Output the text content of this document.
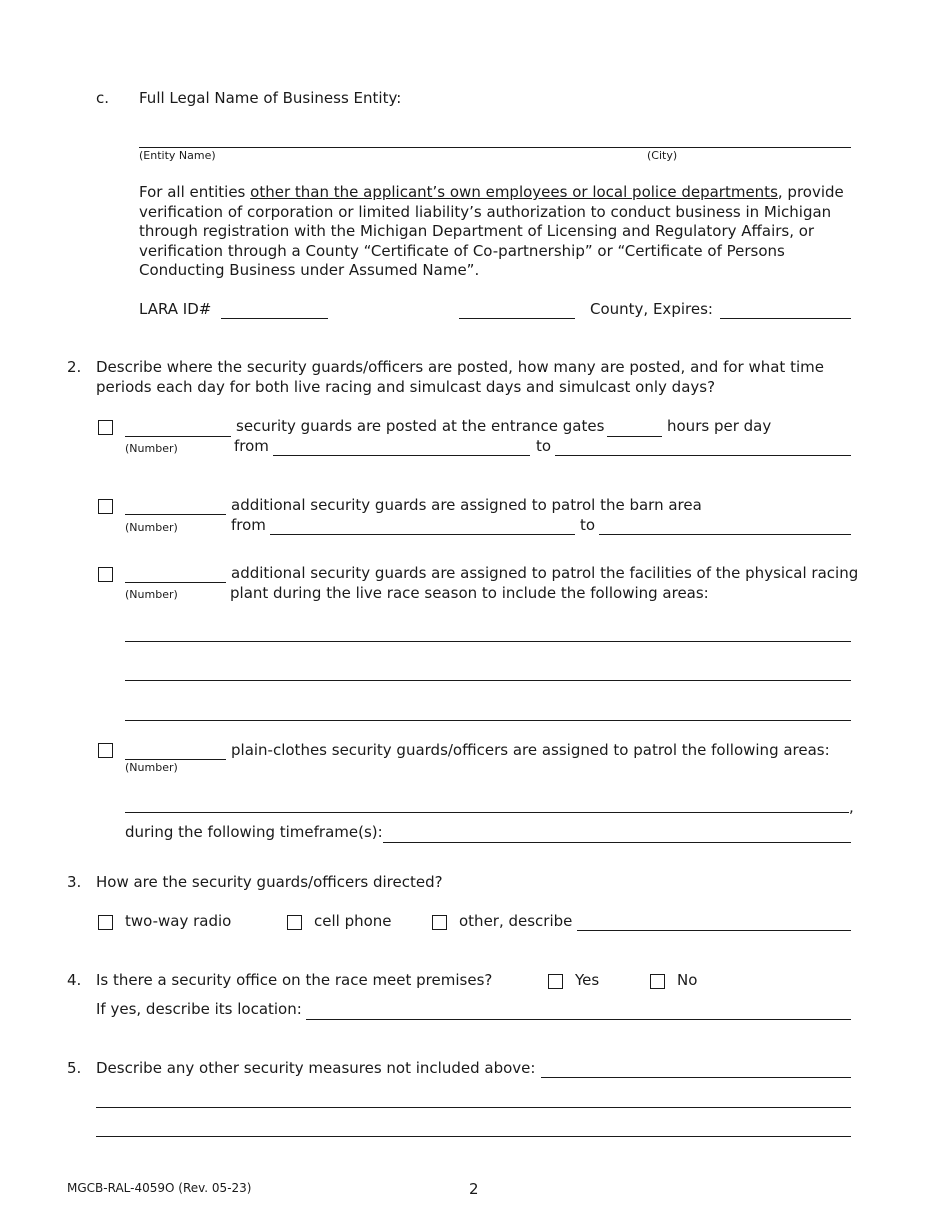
c. Full Legal Name of Business Entity:
(Entity Name)	(City)
For all entities other than the applicant’s own employees or local police departments, provide verification of corporation or limited liability’s authorization to conduct business in Michigan through registration with the Michigan Department of Licensing and Regulatory Affairs, or verification through a County “Certificate of Co-partnership” or “Certificate of Persons Conducting Business under Assumed Name”.
LARA ID#	County, Expires:
2. Describe where the security guards/officers are posted, how many are posted, and for what time
periods each day for both live racing and simulcast days and simulcast only days?
security guards are posted at the entrance gates	hours per day
(Number)	from	to
additional security guards are assigned to patrol the barn area
(Number)	from	to
additional security guards are assigned to patrol the facilities of the physical racing
(Number)	plant during the live race season to include the following areas:
plain-clothes security guards/officers are assigned to patrol the following areas:
(Number)
,
during the following timeframe(s):
3. How are the security guards/officers directed?
two-way radio	cell phone	other, describe
4. Is there a security office on the race meet premises?	Yes	No
If yes, describe its location:
5. Describe any other security measures not included above:
MGCB-RAL-4059O (Rev. 05-23)	2
